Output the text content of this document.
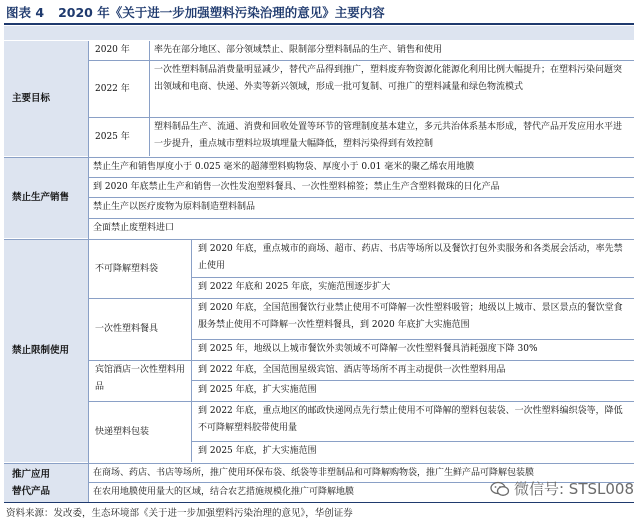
图表 4 2020 年《关于进一步加强塑料污染治理的意见》主要内容
主要目标
2020 年	率先在部分地区、部分领域禁止、限制部分塑料制品的生产、销售和使用
2022 年
一次性塑料制品消费量明显减少，替代产品得到推广，塑料废弃物资源化能源化利用比例大幅提升；在塑料污染问题突出领域和电商、快递、外卖等新兴领域，形成一批可复制、可推广的塑料减量和绿色物流模式
2025 年
塑料制品生产、流通、消费和回收处置等环节的管理制度基本建立，多元共治体系基本形成，替代产品开发应用水平进一步提升，重点城市塑料垃圾填埋量大幅降低，塑料污染得到有效控制
禁止生产销售
禁止生产和销售厚度小于 0.025 毫米的超薄塑料购物袋、厚度小于 0.01 毫米的聚乙烯农用地膜
到 2020 年底禁止生产和销售一次性发泡塑料餐具、一次性塑料棉签；禁止生产含塑料微珠的日化产品
禁止生产以医疗废物为原料制造塑料制品
全面禁止废塑料进口
禁止限制使用
不可降解塑料袋
到 2020 年底，重点城市的商场、超市、药店、书店等场所以及餐饮打包外卖服务和各类展会活动，率先禁止使用
到 2022 年底和 2025 年底，实施范围逐步扩大
一次性塑料餐具
到 2020 年底，全国范围餐饮行业禁止使用不可降解一次性塑料吸管；地级以上城市、景区景点的餐饮堂食服务禁止使用不可降解一次性塑料餐具，到 2020 年底扩大实施范围
到 2025 年，地级以上城市餐饮外卖领域不可降解一次性塑料餐具消耗强度下降 30%
宾馆酒店一次性塑料用品
到 2022 年底，全国范围星级宾馆、酒店等场所不再主动提供一次性塑料用品
到 2025 年底，扩大实施范围
快递塑料包装
到 2022 年底，重点地区的邮政快递网点先行禁止使用不可降解的塑料包装袋、一次性塑料编织袋等，降低不可降解塑料胶带使用量
到 2025 年底，扩大实施范围
推广应用
替代产品
在商场、药店、书店等场所，推广使用环保布袋、纸袋等非塑制品和可降解购物袋，推广生鲜产品可降解包装膜
在农用地膜使用量大的区域，结合农艺措施规模化推广可降解地膜	微信号: STSL008
资料来源：发改委，生态环境部《关于进一步加强塑料污染治理的意见》，华创证券
